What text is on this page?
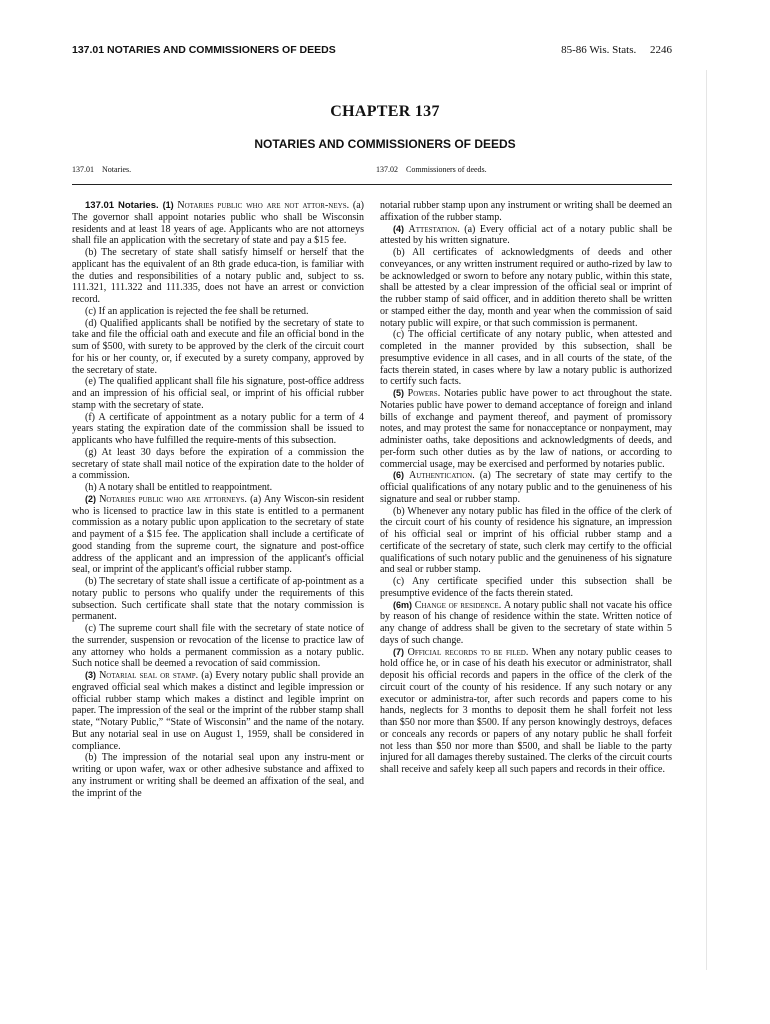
137.01 NOTARIES AND COMMISSIONERS OF DEEDS	85-86 Wis. Stats. 2246
CHAPTER 137
NOTARIES AND COMMISSIONERS OF DEEDS
137.01 Notaries.	137.02 Commissioners of deeds.

137.01 Notaries. (1) Notaries public who are not attor-neys. (a) The governor shall appoint notaries public who shall be Wisconsin residents and at least 18 years of age. Applicants who are not attorneys shall file an application with the secretary of state and pay a $15 fee.

(b) The secretary of state shall satisfy himself or herself that the applicant has the equivalent of an 8th grade educa-tion, is familiar with the duties and responsibilities of a notary public and, subject to ss. 111.321, 111.322 and 111.335, does not have an arrest or conviction record.

(c) If an application is rejected the fee shall be returned.

(d) Qualified applicants shall be notified by the secretary of state to take and file the official oath and execute and file an official bond in the sum of $500, with surety to be approved by the clerk of the circuit court for his or her county, or, if executed by a surety company, approved by the secretary of state.

(e) The qualified applicant shall file his signature, post-office address and an impression of his official seal, or imprint of his official rubber stamp with the secretary of state.

(f) A certificate of appointment as a notary public for a term of 4 years stating the expiration date of the commission shall be issued to applicants who have fulfilled the require-ments of this subsection.

(g) At least 30 days before the expiration of a commission the secretary of state shall mail notice of the expiration date to the holder of a commission.

(h) A notary shall be entitled to reappointment.

(2) Notaries public who are attorneys. (a) Any Wiscon-sin resident who is licensed to practice law in this state is entitled to a permanent commission as a notary public upon application to the secretary of state and payment of a $15 fee. The application shall include a certificate of good standing from the supreme court, the signature and post-office address of the applicant and an impression of the applicant's official seal, or imprint of the applicant's official rubber stamp.

(b) The secretary of state shall issue a certificate of ap-pointment as a notary public to persons who qualify under the requirements of this subsection. Such certificate shall state that the notary commission is permanent.

(c) The supreme court shall file with the secretary of state notice of the surrender, suspension or revocation of the license to practice law of any attorney who holds a permanent commission as a notary public. Such notice shall be deemed a revocation of said commission.

(3) Notarial seal or stamp. (a) Every notary public shall provide an engraved official seal which makes a distinct and legible impression or official rubber stamp which makes a distinct and legible imprint on paper. The impression of the seal or the imprint of the rubber stamp shall state, “Notary Public,” “State of Wisconsin” and the name of the notary. But any notarial seal in use on August 1, 1959, shall be considered in compliance.

(b) The impression of the notarial seal upon any instru-ment or writing or upon wafer, wax or other adhesive substance and affixed to any instrument or writing shall be deemed an affixation of the seal, and the imprint of the

notarial rubber stamp upon any instrument or writing shall be deemed an affixation of the rubber stamp.

(4) Attestation. (a) Every official act of a notary public shall be attested by his written signature.

(b) All certificates of acknowledgments of deeds and other conveyances, or any written instrument required or autho-rized by law to be acknowledged or sworn to before any notary public, within this state, shall be attested by a clear impression of the official seal or imprint of the rubber stamp of said officer, and in addition thereto shall be written or stamped either the day, month and year when the commission of said notary public will expire, or that such commission is permanent.

(c) The official certificate of any notary public, when attested and completed in the manner provided by this subsection, shall be presumptive evidence in all cases, and in all courts of the state, of the facts therein stated, in cases where by law a notary public is authorized to certify such facts.

(5) Powers. Notaries public have power to act throughout the state. Notaries public have power to demand acceptance of foreign and inland bills of exchange and payment thereof, and payment of promissory notes, and may protest the same for nonacceptance or nonpayment, may administer oaths, take depositions and acknowledgments of deeds, and per-form such other duties as by the law of nations, or according to commercial usage, may be exercised and performed by notaries public.

(6) Authentication. (a) The secretary of state may certify to the official qualifications of any notary public and to the genuineness of his signature and seal or rubber stamp.

(b) Whenever any notary public has filed in the office of the clerk of the circuit court of his county of residence his signature, an impression of his official seal or imprint of his official rubber stamp and a certificate of the secretary of state, such clerk may certify to the official qualifications of such notary public and the genuineness of his signature and seal or rubber stamp.

(c) Any certificate specified under this subsection shall be presumptive evidence of the facts therein stated.

(6m) Change of residence. A notary public shall not vacate his office by reason of his change of residence within the state. Written notice of any change of address shall be given to the secretary of state within 5 days of such change.

(7) Official records to be filed. When any notary public ceases to hold office he, or in case of his death his executor or administrator, shall deposit his official records and papers in the office of the clerk of the circuit court of the county of his residence. If any such notary or any executor or administra-tor, after such records and papers come to his hands, neglects for 3 months to deposit them he shall forfeit not less than $50 nor more than $500. If any person knowingly destroys, defaces or conceals any records or papers of any notary public he shall forfeit not less than $50 nor more than $500, and shall be liable to the party injured for all damages thereby sustained. The clerks of the circuit courts shall receive and safely keep all such papers and records in their office.
